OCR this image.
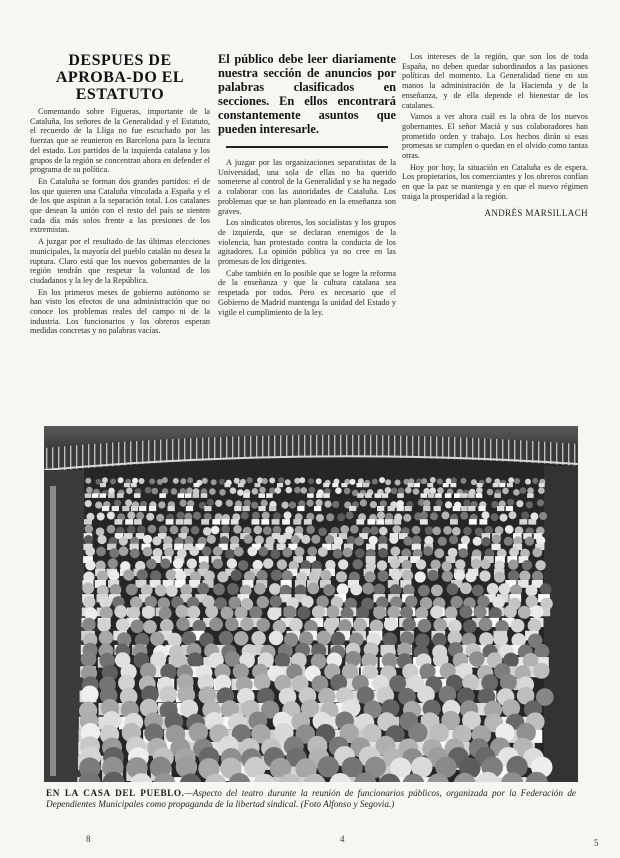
DESPUES DE APROBA-DO EL ESTATUTO

Comentando sobre Figueras, importante de la Cataluña, los señores de la Generalidad y el Estatuto, el recuerdo de la Lliga no fue escuchado por las fuerzas que se reunieron en Barcelona para la lectura del estado. Los partidos de la izquierda catalana y los grupos de la región se concentran ahora en defender el programa de su política.

En Cataluña se forman dos grandes partidos: el de los que quieren una Cataluña vinculada a España y el de los que aspiran a la separación total. Los catalanes que desean la unión con el resto del país se sienten cada día más solos frente a las presiones de los extremistas.

A juzgar por el resultado de las últimas elecciones municipales, la mayoría del pueblo catalán no desea la ruptura. Claro está que los nuevos gobernantes de la región tendrán que respetar la voluntad de los ciudadanos y la ley de la República.

En los primeros meses de gobierno autónomo se han visto los efectos de una administración que no conoce los problemas reales del campo ni de la industria. Los funcionarios y los obreros esperan medidas concretas y no palabras vacías.

El público debe leer diariamente nuestra sección de anuncios por palabras clasificados en secciones. En ellos encontrará constantemente asuntos que pueden interesarle.

A juzgar por las organizaciones separatistas de la Universidad, una sola de ellas no ha querido someterse al control de la Generalidad y se ha negado a colaborar con las autoridades de Cataluña. Los problemas que se han planteado en la enseñanza son graves.

Los sindicatos obreros, los socialistas y los grupos de izquierda, que se declaran enemigos de la violencia, han protestado contra la conducta de los agitadores. La opinión pública ya no cree en las promesas de los dirigentes.

Cabe también en lo posible que se logre la reforma de la enseñanza y que la cultura catalana sea respetada por todos. Pero es necesario que el Gobierno de Madrid mantenga la unidad del Estado y vigile el cumplimiento de la ley.

Los intereses de la región, que son los de toda España, no deben quedar subordinados a las pasiones políticas del momento. La Generalidad tiene en sus manos la administración de la Hacienda y de la enseñanza, y de ella depende el bienestar de los catalanes.

Vamos a ver ahora cuál es la obra de los nuevos gobernantes. El señor Macià y sus colaboradores han prometido orden y trabajo. Los hechos dirán si esas promesas se cumplen o quedan en el olvido como tantas otras.

Hoy por hoy, la situación en Cataluña es de espera. Los propietarios, los comerciantes y los obreros confían en que la paz se mantenga y en que el nuevo régimen traiga la prosperidad a la región.

ANDRÉS MARSILLACH
EN LA CASA DEL PUEBLO.—Aspecto del teatro durante la reunión de funcionarios públicos, organizada por la Federación de Dependientes Municipales como propaganda de la libertad sindical. (Foto Alfonso y Segovia.)
8	4	5
